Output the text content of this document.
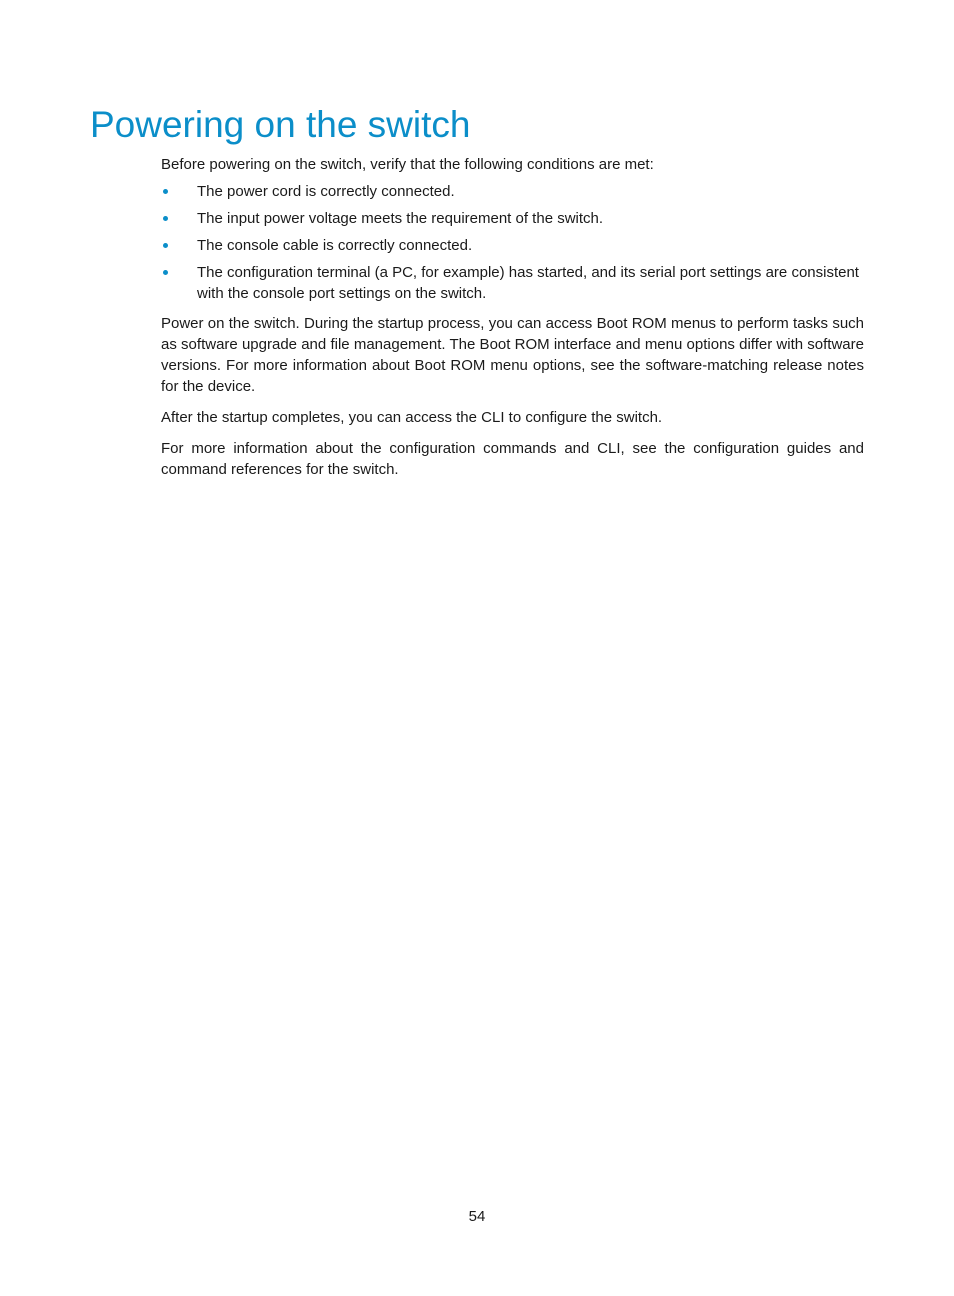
Powering on the switch

Before powering on the switch, verify that the following conditions are met:

The power cord is correctly connected.
The input power voltage meets the requirement of the switch.
The console cable is correctly connected.
The configuration terminal (a PC, for example) has started, and its serial port settings are consistent with the console port settings on the switch.

Power on the switch. During the startup process, you can access Boot ROM menus to perform tasks such as software upgrade and file management. The Boot ROM interface and menu options differ with software versions. For more information about Boot ROM menu options, see the software-matching release notes for the device.

After the startup completes, you can access the CLI to configure the switch.

For more information about the configuration commands and CLI, see the configuration guides and command references for the switch.

54
